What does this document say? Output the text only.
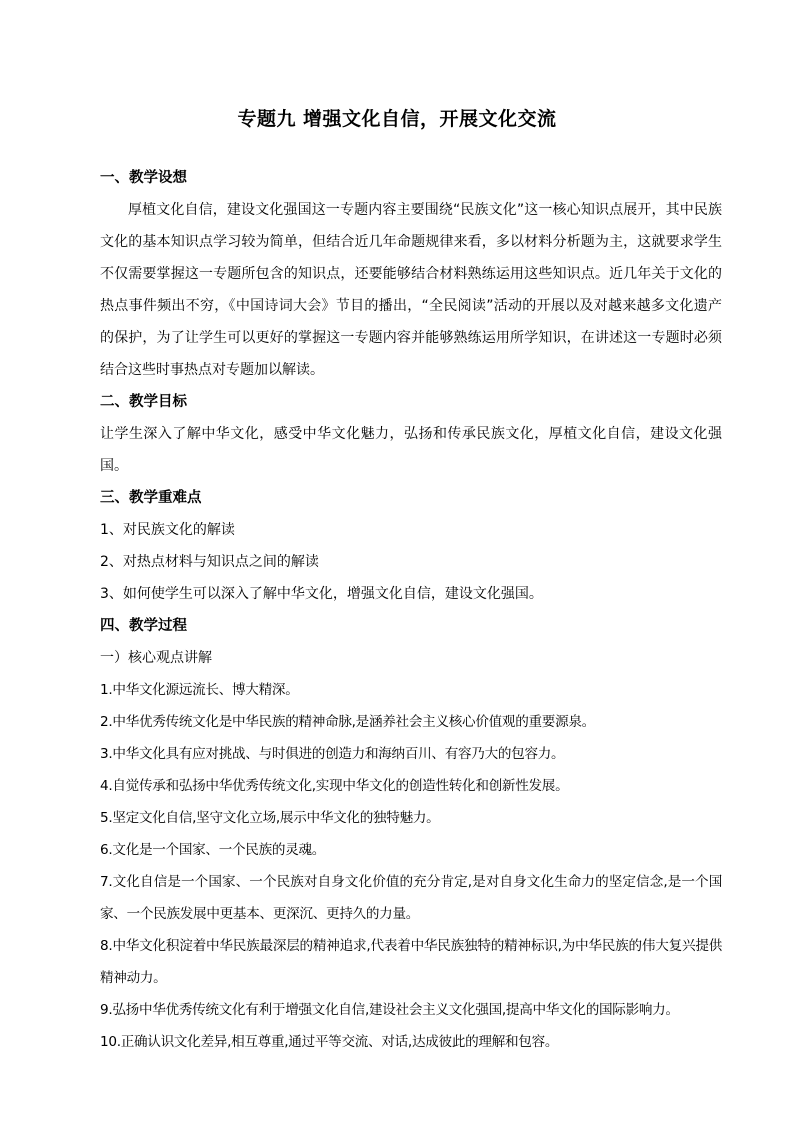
专题九 增强文化自信，开展文化交流
一、教学设想

厚植文化自信，建设文化强国这一专题内容主要围绕“民族文化”这一核心知识点展开，其中民族文化的基本知识点学习较为简单，但结合近几年命题规律来看，多以材料分析题为主，这就要求学生不仅需要掌握这一专题所包含的知识点，还要能够结合材料熟练运用这些知识点。近几年关于文化的热点事件频出不穷，《中国诗词大会》节目的播出，“全民阅读”活动的开展以及对越来越多文化遗产的保护，为了让学生可以更好的掌握这一专题内容并能够熟练运用所学知识，在讲述这一专题时必须结合这些时事热点对专题加以解读。

二、教学目标

让学生深入了解中华文化，感受中华文化魅力，弘扬和传承民族文化，厚植文化自信，建设文化强国。

三、教学重难点
1、对民族文化的解读
2、对热点材料与知识点之间的解读
3、如何使学生可以深入了解中华文化，增强文化自信，建设文化强国。
四、教学过程
一）核心观点讲解
1.中华文化源远流长、博大精深。
2.中华优秀传统文化是中华民族的精神命脉,是涵养社会主义核心价值观的重要源泉。
3.中华文化具有应对挑战、与时俱进的创造力和海纳百川、有容乃大的包容力。
4.自觉传承和弘扬中华优秀传统文化,实现中华文化的创造性转化和创新性发展。
5.坚定文化自信,坚守文化立场,展示中华文化的独特魅力。
6.文化是一个国家、一个民族的灵魂。

7.文化自信是一个国家、一个民族对自身文化价值的充分肯定,是对自身文化生命力的坚定信念,是一个国家、一个民族发展中更基本、更深沉、更持久的力量。

8.中华文化积淀着中华民族最深层的精神追求,代表着中华民族独特的精神标识,为中华民族的伟大复兴提供精神动力。

9.弘扬中华优秀传统文化有利于增强文化自信,建设社会主义文化强国,提高中华文化的国际影响力。
10.正确认识文化差异,相互尊重,通过平等交流、对话,达成彼此的理解和包容。
